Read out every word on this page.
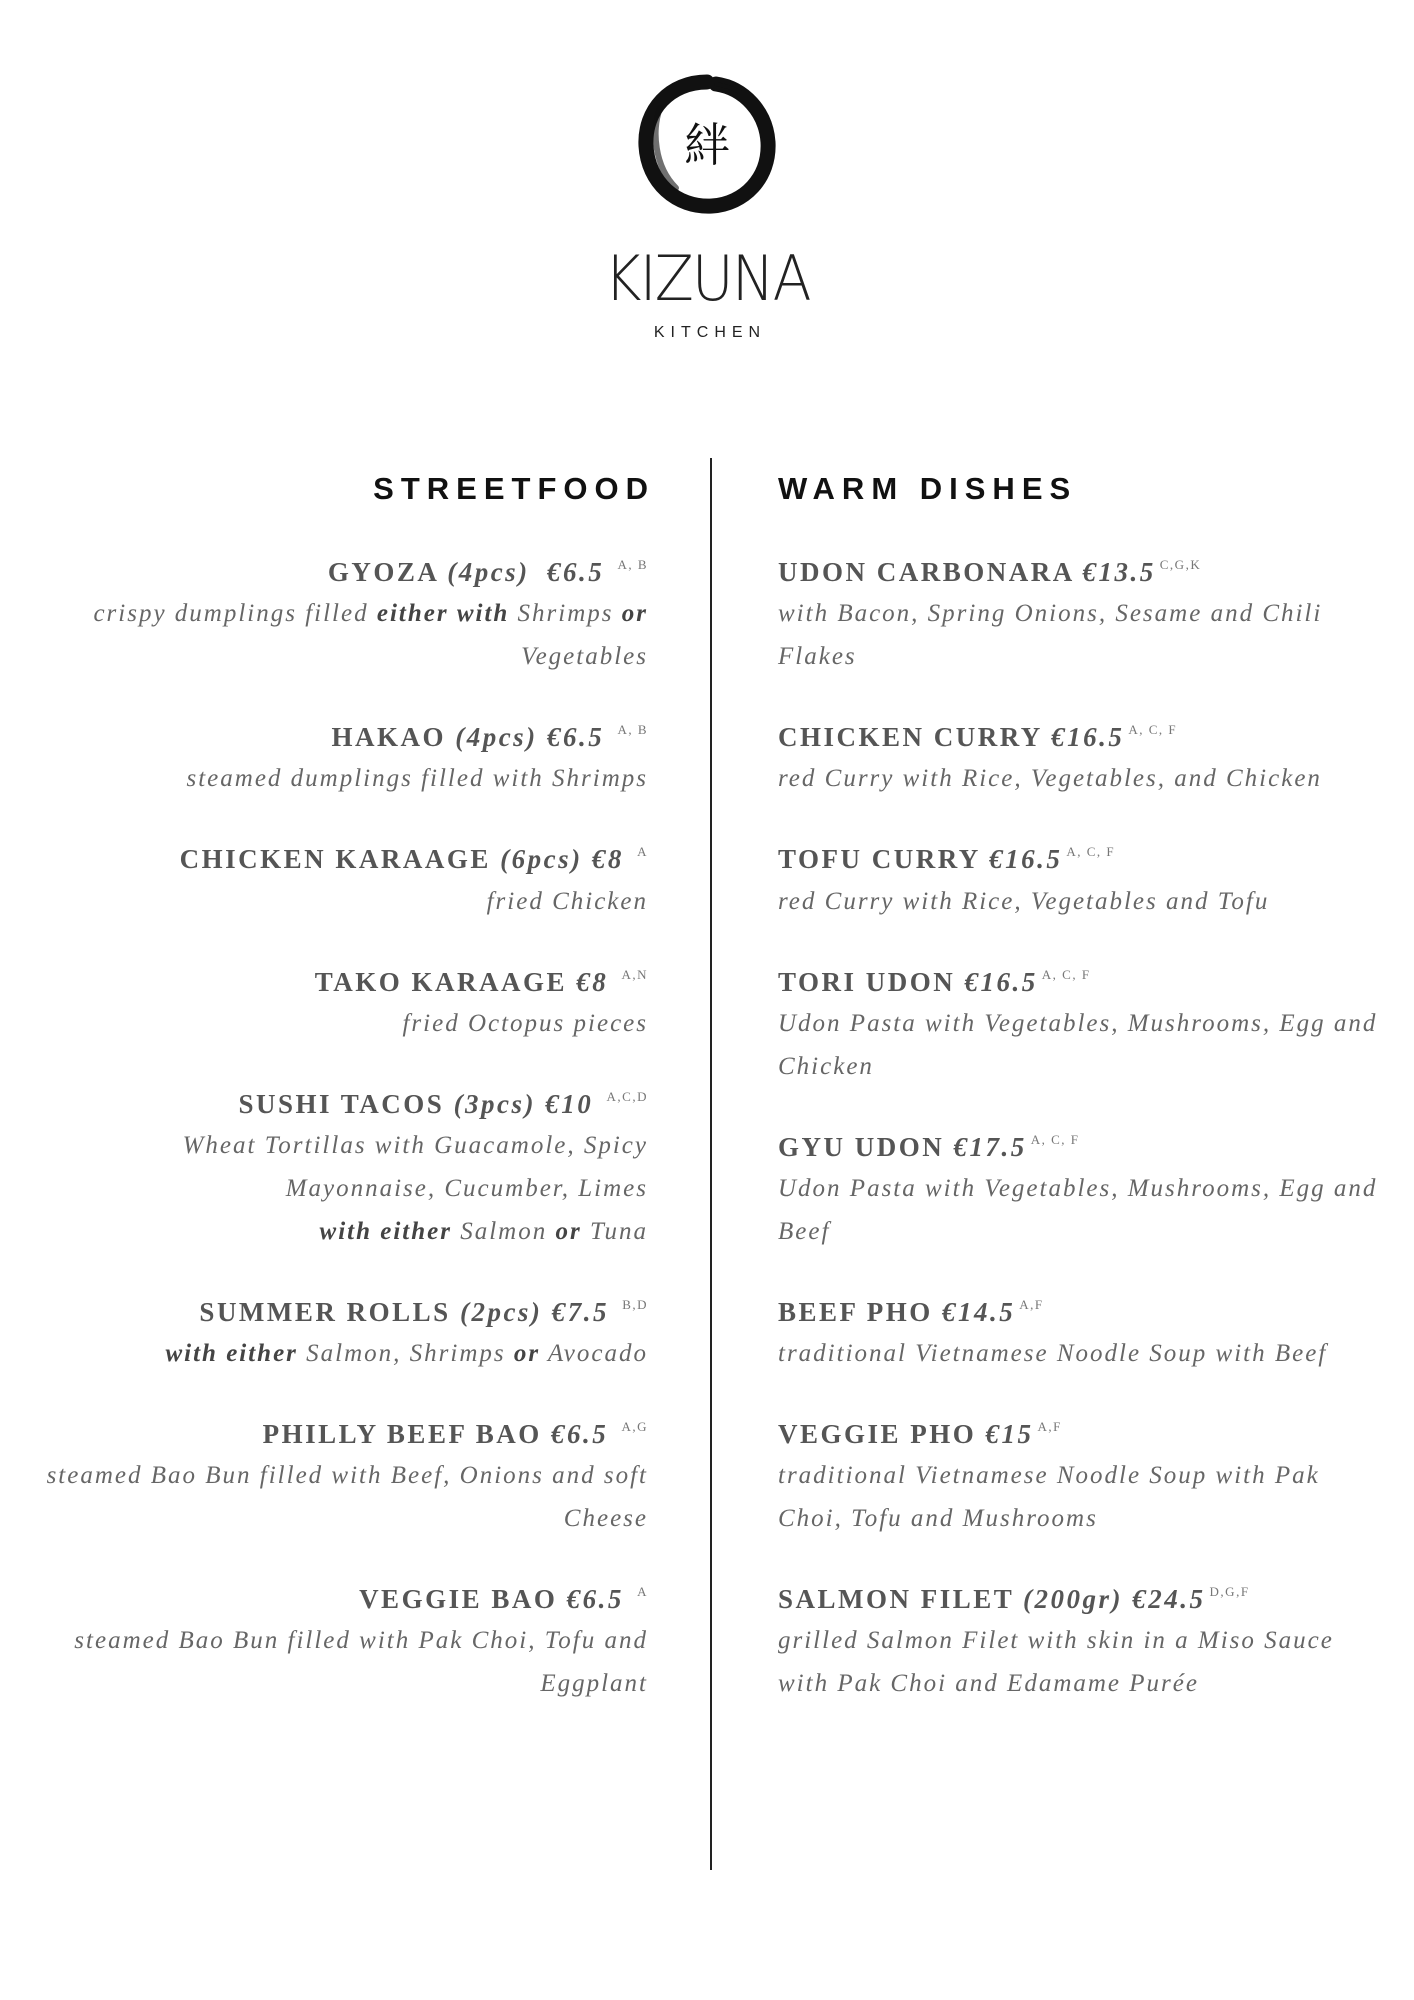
絆
KIZUNA
KITCHEN
STREETFOOD
GYOZA (4pcs) €6.5 $^{A, B}$
crispy dumplings filled either with Shrimps or Vegetables
HAKAO (4pcs) €6.5 $^{A, B}$
steamed dumplings filled with Shrimps
CHICKEN KARAAGE (6pcs) €8 $^A$
fried Chicken
TAKO KARAAGE €8 $^{A,N}$
fried Octopus pieces
SUSHI TACOS (3pcs) €10 $^{A,C,D}$
Wheat Tortillas with Guacamole, Spicy Mayonnaise, Cucumber, Limes
with either Salmon or Tuna
SUMMER ROLLS (2pcs) €7.5 $^{B,D}$
with either Salmon, Shrimps or Avocado
PHILLY BEEF BAO €6.5 $^{A,G}$
steamed Bao Bun filled with Beef, Onions and soft Cheese
VEGGIE BAO €6.5 $^A$
steamed Bao Bun filled with Pak Choi, Tofu and Eggplant
WARM DISHES
UDON CARBONARA €13.5 $^{C,G,K}$
with Bacon, Spring Onions, Sesame and Chili Flakes
CHICKEN CURRY €16.5 $^{A, C, F}$
red Curry with Rice, Vegetables, and Chicken
TOFU CURRY €16.5 $^{A, C, F}$
red Curry with Rice, Vegetables and Tofu
TORI UDON €16.5 $^{A, C, F}$
Udon Pasta with Vegetables, Mushrooms, Egg and Chicken
GYU UDON €17.5 $^{A, C, F}$
Udon Pasta with Vegetables, Mushrooms, Egg and Beef
BEEF PHO €14.5 $^{A,F}$
traditional Vietnamese Noodle Soup with Beef
VEGGIE PHO €15 $^{A,F}$
traditional Vietnamese Noodle Soup with Pak Choi, Tofu and Mushrooms
SALMON FILET (200gr) €24.5 $^{D,G,F}$
grilled Salmon Filet with skin in a Miso Sauce with Pak Choi and Edamame Purée
